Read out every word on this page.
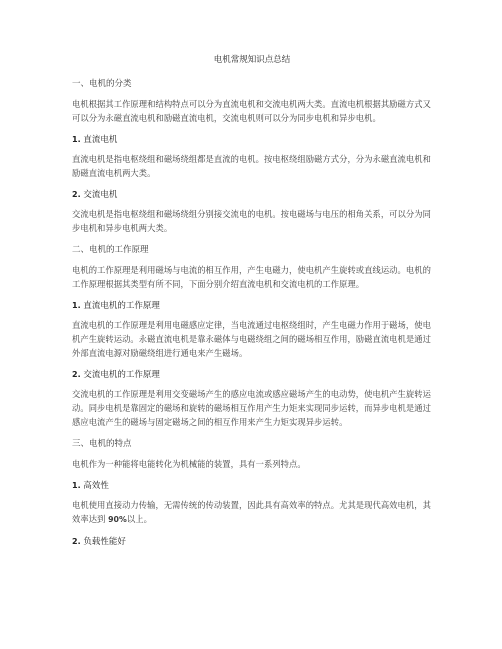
电机常规知识点总结
一、电机的分类

电机根据其工作原理和结构特点可以分为直流电机和交流电机两大类。直流电机根据其励磁方式又可以分为永磁直流电机和励磁直流电机，交流电机则可以分为同步电机和异步电机。

1. 直流电机

直流电机是指电枢绕组和磁场绕组都是直流的电机。按电枢绕组励磁方式分，分为永磁直流电机和励磁直流电机两大类。

2. 交流电机

交流电机是指电枢绕组和磁场绕组分别接交流电的电机。按电磁场与电压的相角关系，可以分为同步电机和异步电机两大类。

二、电机的工作原理

电机的工作原理是利用磁场与电流的相互作用，产生电磁力，使电机产生旋转或直线运动。电机的工作原理根据其类型有所不同，下面分别介绍直流电机和交流电机的工作原理。

1. 直流电机的工作原理

直流电机的工作原理是利用电磁感应定律，当电流通过电枢绕组时，产生电磁力作用于磁场，使电机产生旋转运动。永磁直流电机是靠永磁体与电磁绕组之间的磁场相互作用，励磁直流电机是通过外部直流电源对励磁绕组进行通电来产生磁场。

2. 交流电机的工作原理

交流电机的工作原理是利用交变磁场产生的感应电流或感应磁场产生的电动势，使电机产生旋转运动。同步电机是靠固定的磁场和旋转的磁场相互作用产生力矩来实现同步运转，而异步电机是通过感应电流产生的磁场与固定磁场之间的相互作用来产生力矩实现异步运转。

三、电机的特点

电机作为一种能将电能转化为机械能的装置，具有一系列特点。

1. 高效性

电机使用直接动力传输，无需传统的传动装置，因此具有高效率的特点。尤其是现代高效电机，其效率达到 90%以上。

2. 负载性能好
